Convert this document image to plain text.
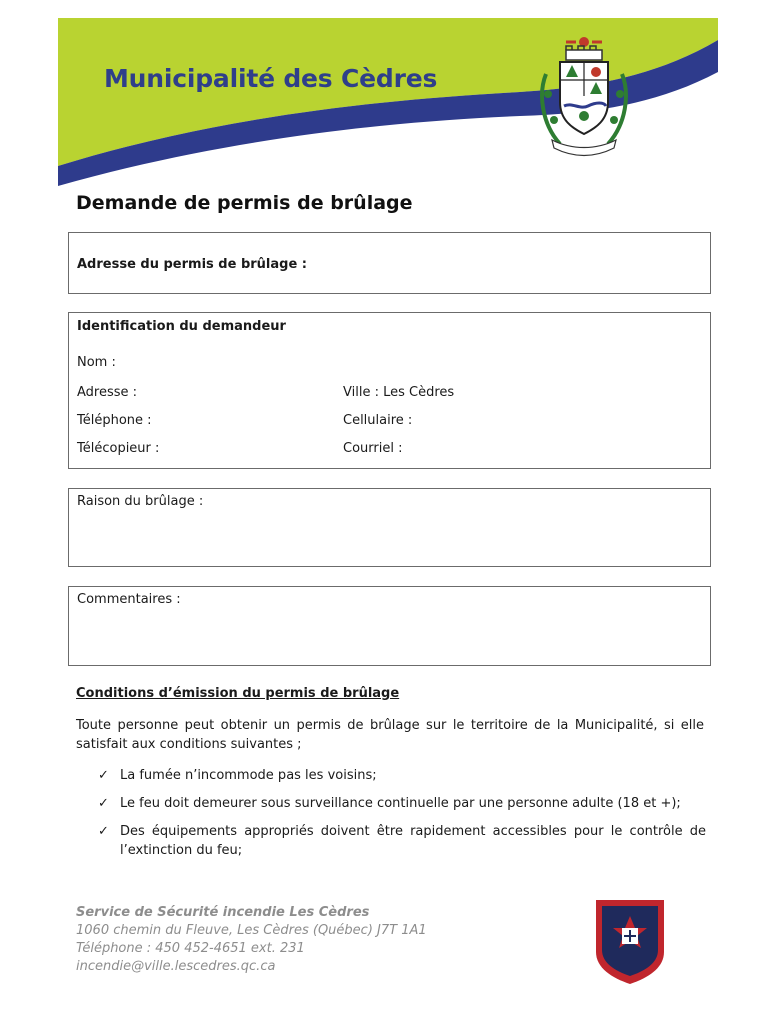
Municipalité des Cèdres
Demande de permis de brûlage
Adresse du permis de brûlage :
Identification du demandeur
Nom :
Adresse :	Ville : Les Cèdres
Téléphone :	Cellulaire :
Télécopieur :	Courriel :
Raison du brûlage :
Commentaires :
Conditions d’émission du permis de brûlage
Toute personne peut obtenir un permis de brûlage sur le territoire de la Municipalité, si elle satisfait aux conditions suivantes ;
✓ La fumée n’incommode pas les voisins;
✓ Le feu doit demeurer sous surveillance continuelle par une personne adulte (18 et +);
✓ Des équipements appropriés doivent être rapidement accessibles pour le contrôle de l’extinction du feu;
Service de Sécurité incendie Les Cèdres
1060 chemin du Fleuve, Les Cèdres (Québec) J7T 1A1
Téléphone : 450 452-4651 ext. 231
incendie@ville.lescedres.qc.ca
